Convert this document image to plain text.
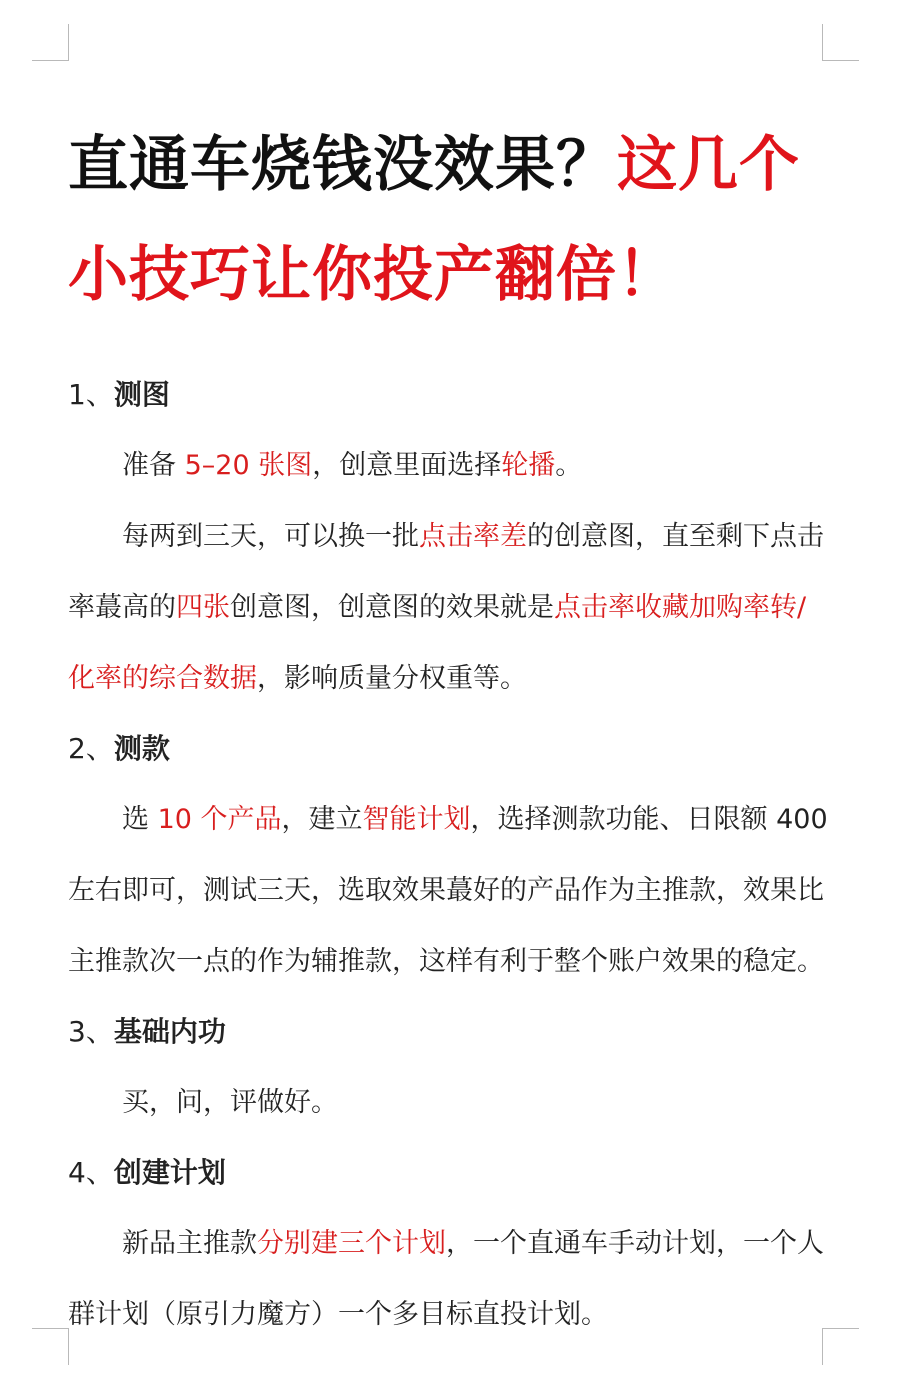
直通车烧钱没效果？这几个小技巧让你投产翻倍！
1、测图

准备 5–20 张图，创意里面选择轮播。

每两到三天，可以换一批点击率差的创意图，直至剩下点击率蕞高的四张创意图，创意图的效果就是点击率收藏加购率转/化率的综合数据，影响质量分权重等。

2、测款

选 10 个产品，建立智能计划，选择测款功能、日限额 400 左右即可，测试三天，选取效果蕞好的产品作为主推款，效果比主推款次一点的作为辅推款，这样有利于整个账户效果的稳定。

3、基础内功

买，问，评做好。

4、创建计划

新品主推款分别建三个计划，一个直通车手动计划，一个人群计划（原引力魔方）一个多目标直投计划。
